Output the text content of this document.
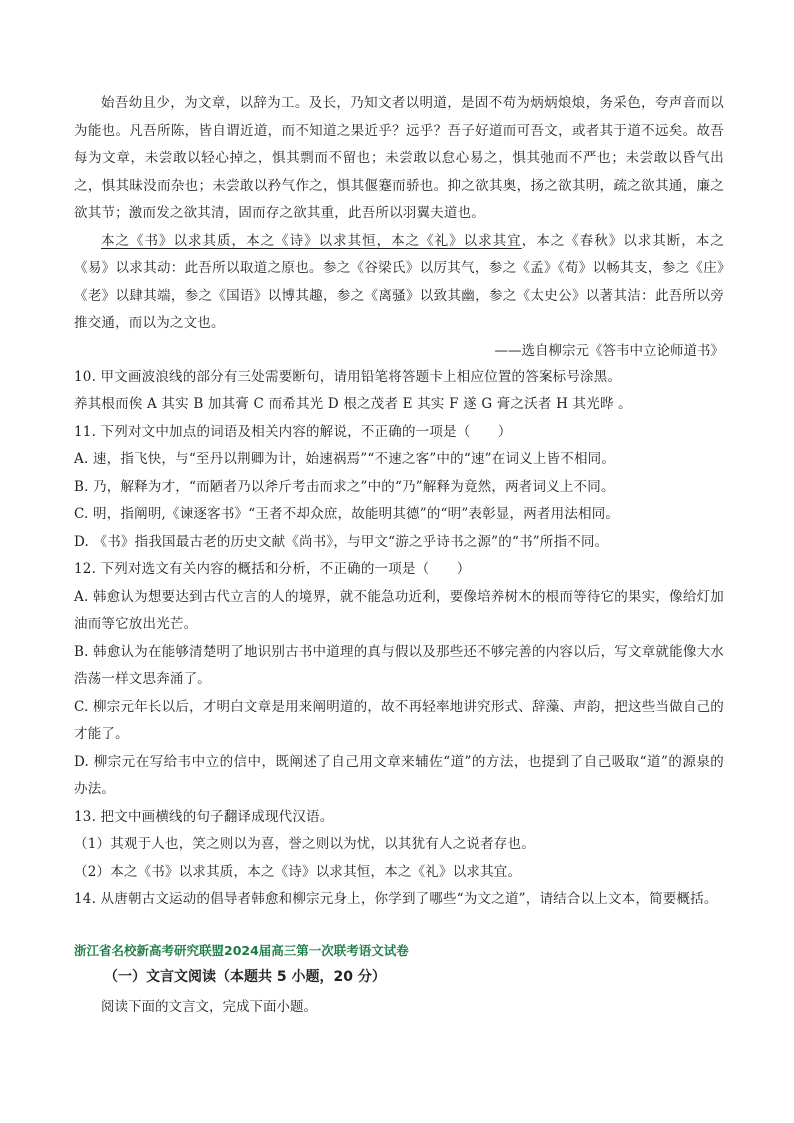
始吾幼且少，为文章，以辞为工。及长，乃知文者以明道，是固不苟为炳炳烺烺，务采色，夸声音而以为能也。凡吾所陈，皆自谓近道，而不知道之果近乎？远乎？吾子好道而可吾文，或者其于道不远矣。故吾每为文章，未尝敢以轻心掉之，惧其剽而不留也；未尝敢以怠心易之，惧其弛而不严也；未尝敢以昏气出之，惧其昧没而杂也；未尝敢以矜气作之，惧其偃蹇而骄也。抑之欲其奥，扬之欲其明，疏之欲其通，廉之欲其节；激而发之欲其清，固而存之欲其重，此吾所以羽翼夫道也。

本之《书》以求其质，本之《诗》以求其恒，本之《礼》以求其宜，本之《春秋》以求其断，本之《易》以求其动：此吾所以取道之原也。参之《谷梁氏》以厉其气，参之《孟》《荀》以畅其支，参之《庄》《老》以肆其端，参之《国语》以博其趣，参之《离骚》以致其幽，参之《太史公》以著其洁：此吾所以旁推交通，而以为之文也。

——选自柳宗元《答韦中立论师道书》

10. 甲文画波浪线的部分有三处需要断句，请用铅笔将答题卡上相应位置的答案标号涂黑。

养其根而俟 A 其实 B 加其膏 C 而希其光 D 根之茂者 E 其实 F 遂 G 膏之沃者 H 其光晔 。

11. 下列对文中加点的词语及相关内容的解说，不正确的一项是（　　）

A. 速，指飞快，与“至丹以荆卿为计，始速祸焉”“不速之客”中的“速”在词义上皆不相同。

B. 乃，解释为才，“而陋者乃以斧斤考击而求之”中的“乃”解释为竟然，两者词义上不同。

C. 明，指阐明,《谏逐客书》“王者不却众庶，故能明其德”的“明”表彰显，两者用法相同。

D. 《书》指我国最古老的历史文献《尚书》，与甲文“游之乎诗书之源”的“书”所指不同。

12. 下列对选文有关内容的概括和分析，不正确的一项是（　　）

A. 韩愈认为想要达到古代立言的人的境界，就不能急功近利，要像培养树木的根而等待它的果实，像给灯加油而等它放出光芒。

B. 韩愈认为在能够清楚明了地识别古书中道理的真与假以及那些还不够完善的内容以后，写文章就能像大水浩荡一样文思奔涌了。

C. 柳宗元年长以后，才明白文章是用来阐明道的，故不再轻率地讲究形式、辞藻、声韵，把这些当做自己的才能了。

D. 柳宗元在写给韦中立的信中，既阐述了自己用文章来辅佐“道”的方法，也提到了自己吸取“道”的源泉的办法。

13. 把文中画横线的句子翻译成现代汉语。

（1）其观于人也，笑之则以为喜，誉之则以为忧，以其犹有人之说者存也。

（2）本之《书》以求其质，本之《诗》以求其恒，本之《礼》以求其宜。

14. 从唐朝古文运动的倡导者韩愈和柳宗元身上，你学到了哪些“为文之道”，请结合以上文本，简要概括。

浙江省名校新高考研究联盟2024届高三第一次联考语文试卷
（一）文言文阅读（本题共 5 小题，20 分）

阅读下面的文言文，完成下面小题。
